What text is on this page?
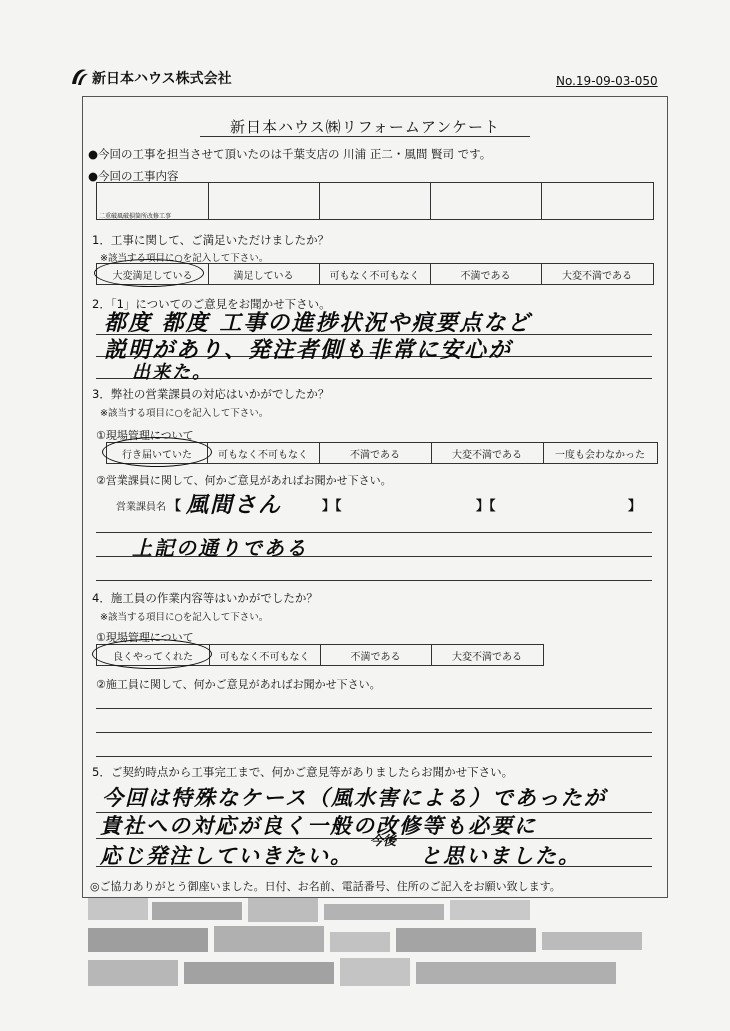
新日本ハウス株式会社	No.19-09-03-050
新日本ハウス㈱リフォームアンケート
●今回の工事を担当させて頂いたのは千葉支店の 川浦 正二・風間 賢司 です。
●今回の工事内容
二重破風破損箇所改修工事
1．工事に関して、ご満足いただけましたか？
※該当する項目に○を記入して下さい。
大変満足している	満足している	可もなく不可もなく	不満である	大変不満である
2．「1」についてのご意見をお聞かせ下さい。
都度 都度 工事の進捗状況や痕要点など
説明があり、発注者側も非常に安心が
出来た。
3．弊社の営業課員の対応はいかがでしたか？
※該当する項目に○を記入して下さい。
①現場管理について
行き届いていた	可もなく不可もなく	不満である	大変不満である	一度も会わなかった
②営業課員に関して、何かご意見があればお聞かせ下さい。
営業課員名 【 風間さん	】【	】【	】
上記の通りである
4．施工員の作業内容等はいかがでしたか？
※該当する項目に○を記入して下さい。
①現場管理について
良くやってくれた	可もなく不可もなく	不満である	大変不満である
②施工員に関して、何かご意見があればお聞かせ下さい。
5．ご契約時点から工事完工まで、何かご意見等がありましたらお聞かせ下さい。
今回は特殊なケース（風水害による）であったが
貴社への対応が良く一般の改修等も必要に
応じ発注していきたい。
今後
と思いました。
◎ご協力ありがとう御座いました。日付、お名前、電話番号、住所のご記入をお願い致します。
